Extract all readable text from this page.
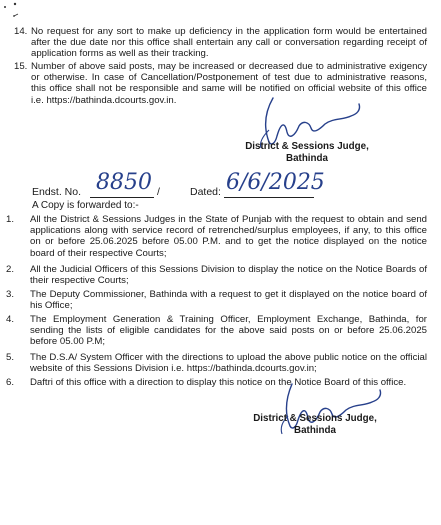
14. No request for any sort to make up deficiency in the application form would be entertained after the due date nor this office shall entertain any call or conversation regarding receipt of application forms as well as their tracking.
15. Number of above said posts, may be increased or decreased due to administrative exigency or otherwise. In case of Cancellation/Postponement of test due to administrative reasons, this office shall not be responsible and same will be notified on official website of this office i.e. https://bathinda.dcourts.gov.in.
District & Sessions Judge,
Bathinda
Endst. No. 8850 /	Dated: 6/6/2025
A Copy is forwarded to:-
1. All the District & Sessions Judges in the State of Punjab with the request to obtain and send applications along with service record of retrenched/surplus employees, if any, to this office on or before 25.06.2025 before 05.00 P.M. and to get the notice displayed on the notice board of their respective Courts;
2. All the Judicial Officers of this Sessions Division to display the notice on the Notice Boards of their respective Courts;
3. The Deputy Commissioner, Bathinda with a request to get it displayed on the notice board of his Office;
4. The Employment Generation & Training Officer, Employment Exchange, Bathinda, for sending the lists of eligible candidates for the above said posts on or before 25.06.2025 before 05.00 P.M;
5. The D.S.A/ System Officer with the directions to upload the above public notice on the official website of this Sessions Division i.e. https://bathinda.dcourts.gov.in;
6. Daftri of this office with a direction to display this notice on the Notice Board of this office.
District & Sessions Judge,
Bathinda
